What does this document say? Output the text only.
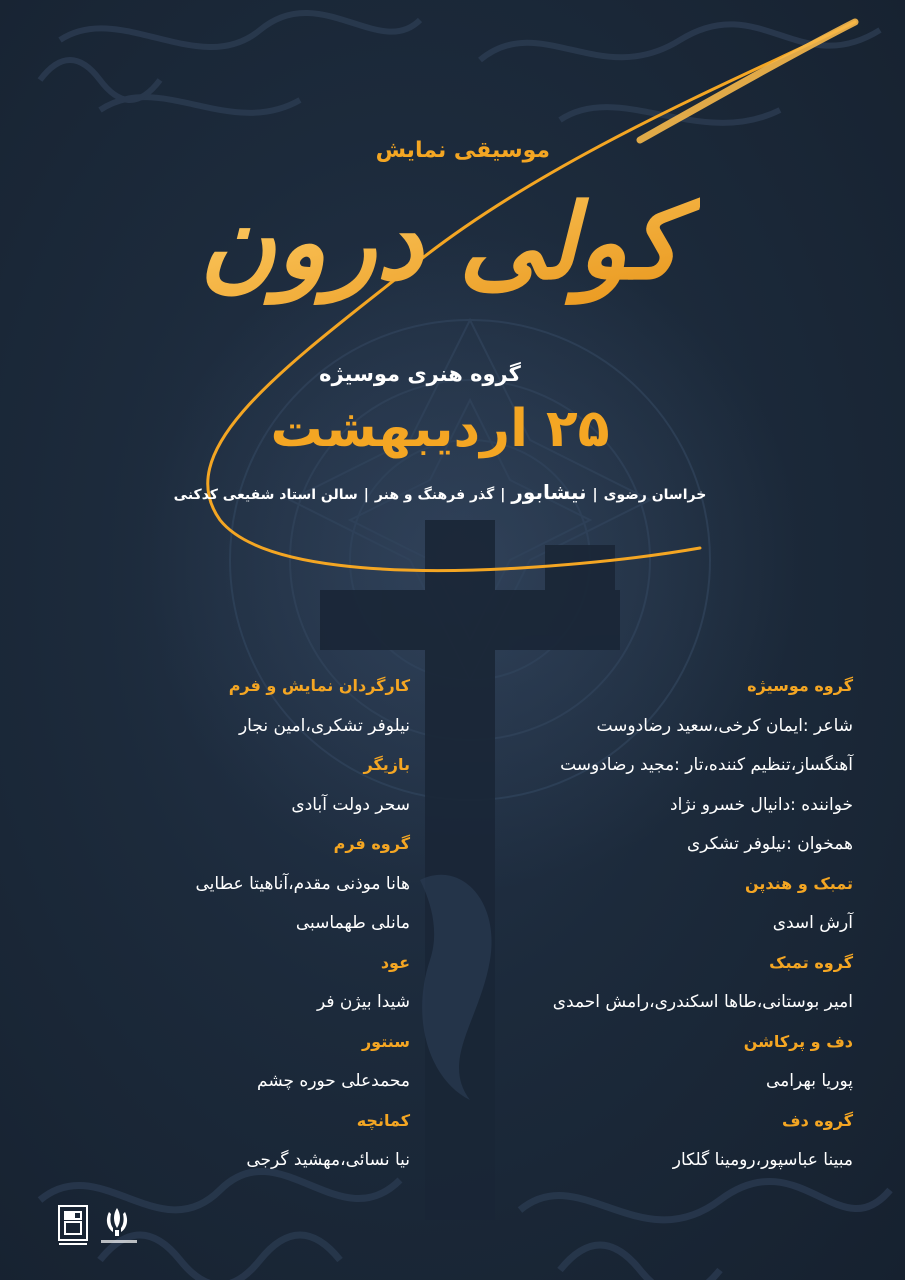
موسیقی نمایش
کولی درون
گروه هنری موسیژه
۲۵ اردیبهشت
خراسان رضوی|نیشابور|گذر فرهنگ و هنر|سالن استاد شفیعی کدکنی
گروه موسیژه
شاعر :ایمان کرخی،سعید رضادوست
آهنگساز،تنظیم کننده،تار :مجید رضادوست
خواننده :دانیال خسرو نژاد
همخوان :نیلوفر تشکری
تمبک و هندپن
آرش اسدی
گروه تمبک
امیر بوستانی،طاها اسکندری،رامش احمدی
دف و پرکاشن
پوریا بهرامی
گروه دف
مبینا عباسپور،رومینا گلکار
کارگردان نمایش و فرم
نیلوفر تشکری،امین نجار
بازیگر
سحر دولت آبادی
گروه فرم
هانا موذنی مقدم،آناهیتا عطایی
مانلی طهماسبی
عود
شیدا بیژن فر
سنتور
محمدعلی حوره چشم
کمانچه
نیا نسائی،مهشید گرجی
